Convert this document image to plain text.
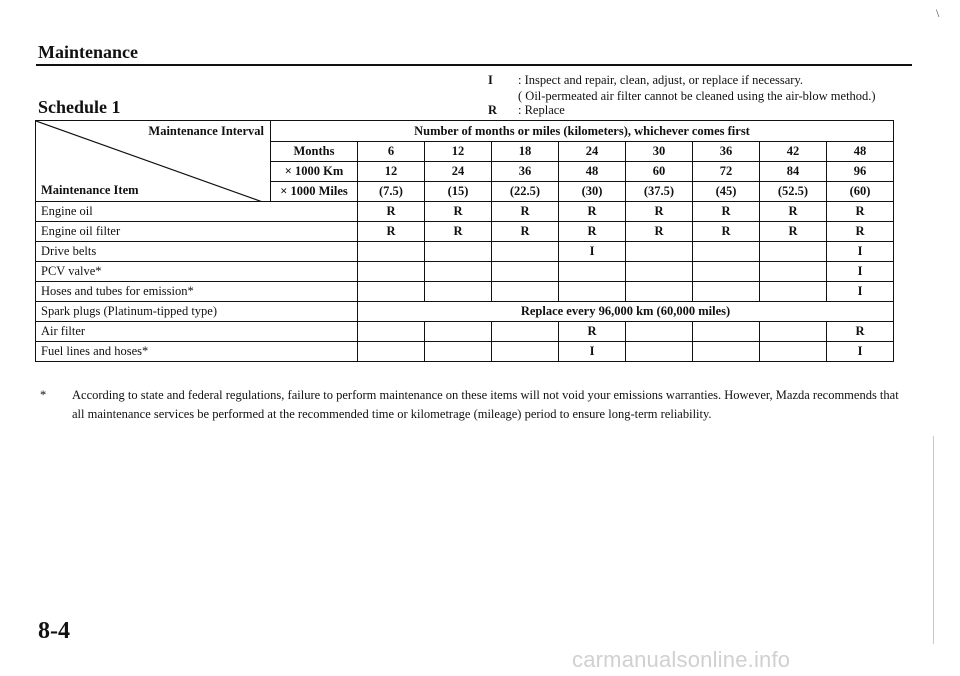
Maintenance
Schedule 1
I : Inspect and repair, clean, adjust, or replace if necessary.
( Oil-permeated air filter cannot be cleaned using the air-blow method.)
R : Replace
Maintenance Interval
Maintenance Item	Number of months or miles (kilometers), whichever comes first								
	Months	6	12	18	24	30	36	42	48
	× 1000 Km	12	24	36	48	60	72	84	96
	× 1000 Miles	(7.5)	(15)	(22.5)	(30)	(37.5)	(45)	(52.5)	(60)
Engine oil		R	R	R	R	R	R	R	R
Engine oil filter		R	R	R	R	R	R	R	R
Drive belts					I				I
PCV valve*									I
Hoses and tubes for emission*									I
Spark plugs (Platinum-tipped type)		Replace every 96,000 km (60,000 miles)							
Air filter					R				R
Fuel lines and hoses*					I				I
* According to state and federal regulations, failure to perform maintenance on these items will not void your emissions warranties. However, Mazda recommends that all maintenance services be performed at the recommended time or kilometrage (mileage) period to ensure long-term reliability.
8-4
\
carmanualsonline.info
